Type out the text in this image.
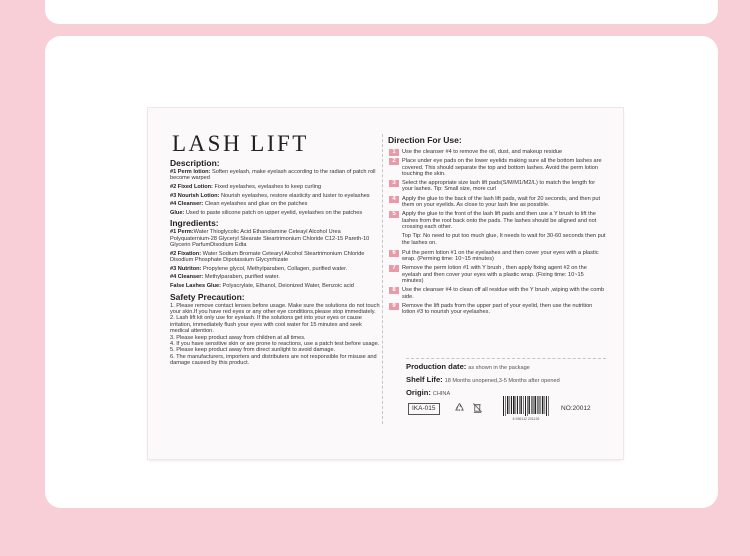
LASH LIFT
Description:
#1 Perm lotion: Soften eyelash, make eyelash according to the radian of patch roll become warped
#2 Fixed Lotion: Fixed eyelashes, eyelashes to keep curling
#3 Nourish Lotion: Nourish eyelashes, restore elasticity and luster to eyelashes
#4 Cleanser: Clean eyelashes and glue on the patches
Glue: Used to paste silicone patch on upper eyelid, eyelashes on the patches
Ingredients:
#1 Perm:Water Thioglycolic Acid Ethanolamine Ceteayl Alcohol Urea Polyquaternium-28 Glyceryl Stearate Steartrimonium Chloride C12-15 Pareth-10 Glycerin ParfumDisodium Edta
#2 Fixation: Water Sodium Bromate Cetearyl Alcohol Steartrimonium Chloride Disodium Phosphate Dipotassium Glycyrrhizate
#3 Nutriton: Propylene glycol, Methylparaben, Collagen, purified water.
#4 Cleanser: Methylparaben, purified water.
False Lashes Glue: Polyacrylate, Ethanol, Deionized Water, Benzoic acid
Safety Precaution:
1. Please remove contact lenses before usage. Make sure the solutions do not touch your skin.If you have red eyes or any other eye conditions,please stop immediately.
2. Lash lift kit only use for eyelash. If the solutions get into your eyes or cause irritation, immediately flush your eyes with cool water for 15 minutes and seek medical attention.
3. Please keep product away from children at all times.
4. If you have sensitive skin or are prone to reactions, use a patch test before usage.
5. Please keep product away from direct sunlight to avoid damage.
6. The manufacturers, importers and distributers are not responsible for misuse and damage caused by this product.
Direction For Use:
1	Use the cleanser #4 to remove the oil, dust, and makeup residue
2	Place under eye pads on the lower eyelids making sure all the bottom lashes are covered. This should separate the top and bottom lashes. Avoid the perm lotion touching the skin.
3	Select the appropriate size lash lift pads(S/M/M1/M2/L) to match the length for your lashes. Tip: Small size, more curl
4	Apply the glue to the back of the lash lift pads, wait for 20 seconds, and then put them on your eyelids. As close to your lash line as possible.
5	Apply the glue to the front of the lash lift pads and then use a Y brush to lift the lashes from the root back onto the pads. The lashes should be aligned and not crossing each other.
Top Tip: No need to put too much glue, It needs to wait for 30-60 seconds then put the lashes on.
6	Put the perm lotion #1 on the eyelashes and then cover your eyes with a plastic wrap. (Perming time: 10~15 minutes)
7	Remove the perm lotion #1 with Y brush , then apply fixing agent #2 on the eyelash and then cover your eyes with a plastic wrap. (Fixing time: 10~15 minutes)
8	Use the cleanser #4 to clean off all residue with the Y brush ,wiping with the comb side.
9	Remove the lift pads from the upper part of your eyelid, then use the nutrition lotion #3 to nourish your eyelashes.
Production date: as shown in the package
Shelf Life: 18 Months unopened,3-5 Months after opened
Origin: CHINA
IKA-015
6 936112 201126
NO:20012
